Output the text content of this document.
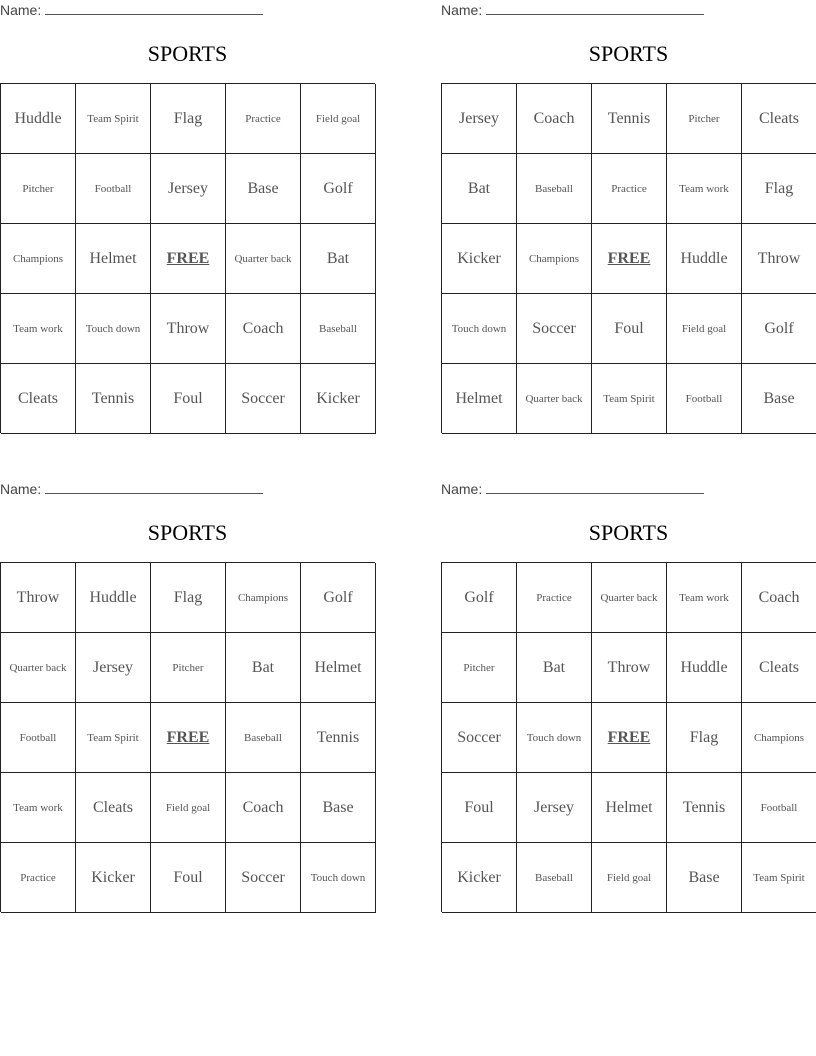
Name:
SPORTS
Huddle	Team Spirit	Flag	Practice	Field goal
Pitcher	Football	Jersey	Base	Golf
Champions	Helmet	FREE	Quarter back	Bat
Team work	Touch down	Throw	Coach	Baseball
Cleats	Tennis	Foul	Soccer	Kicker
Name:
SPORTS
Jersey	Coach	Tennis	Pitcher	Cleats
Bat	Baseball	Practice	Team work	Flag
Kicker	Champions	FREE	Huddle	Throw
Touch down	Soccer	Foul	Field goal	Golf
Helmet	Quarter back	Team Spirit	Football	Base
Name:
SPORTS
Throw	Huddle	Flag	Champions	Golf
Quarter back	Jersey	Pitcher	Bat	Helmet
Football	Team Spirit	FREE	Baseball	Tennis
Team work	Cleats	Field goal	Coach	Base
Practice	Kicker	Foul	Soccer	Touch down
Name:
SPORTS
Golf	Practice	Quarter back	Team work	Coach
Pitcher	Bat	Throw	Huddle	Cleats
Soccer	Touch down	FREE	Flag	Champions
Foul	Jersey	Helmet	Tennis	Football
Kicker	Baseball	Field goal	Base	Team Spirit
